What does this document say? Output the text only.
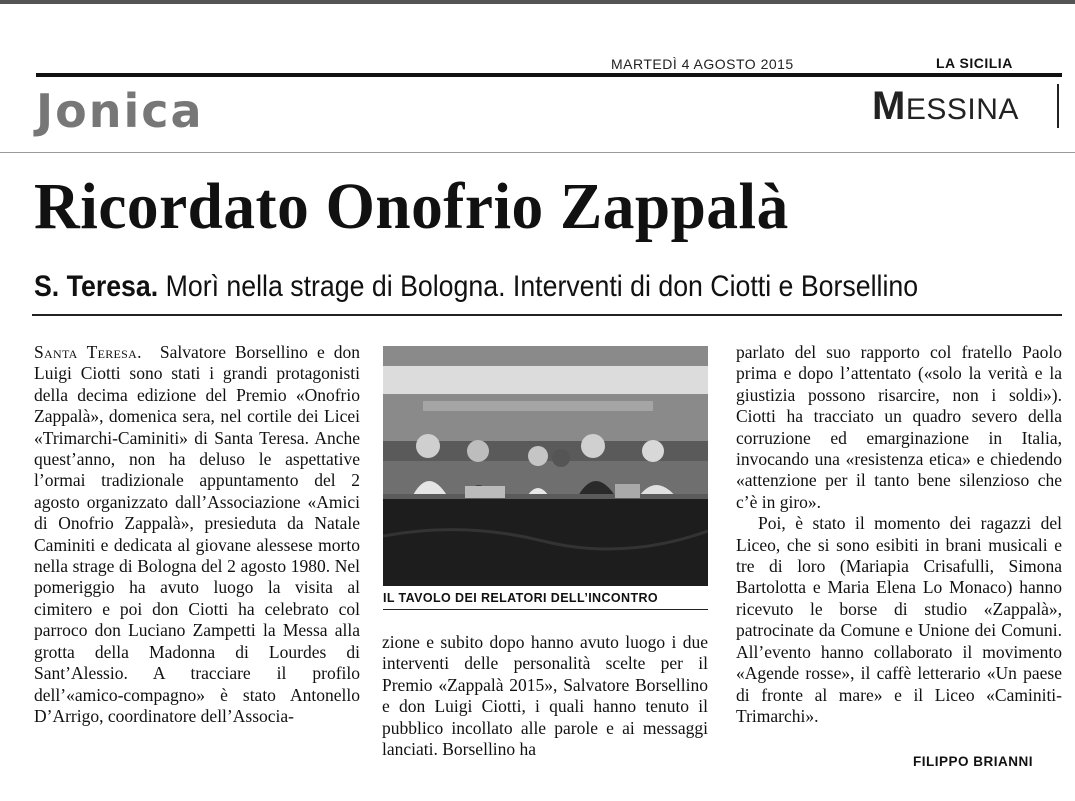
MARTEDÌ 4 AGOSTO 2015	LA SICILIA
Jonica	MESSINA
Ricordato Onofrio Zappalà
S. Teresa. Morì nella strage di Bologna. Interventi di don Ciotti e Borsellino

Santa Teresa. Salvatore Borsellino e don Luigi Ciotti sono stati i grandi protagonisti della decima edizione del Premio «Onofrio Zappalà», domenica sera, nel cortile dei Licei «Trimarchi-Caminiti» di Santa Teresa. Anche quest’anno, non ha deluso le aspettative l’ormai tradizionale appuntamento del 2 agosto organizzato dall’Associazione «Amici di Onofrio Zappalà», presieduta da Natale Caminiti e dedicata al giovane alessese morto nella strage di Bologna del 2 agosto 1980. Nel pomeriggio ha avuto luogo la visita al cimitero e poi don Ciotti ha celebrato col parroco don Luciano Zampetti la Messa alla grotta della Madonna di Lourdes di Sant’Alessio. A tracciare il profilo dell’«amico-compagno» è stato Antonello D’Arrigo, coordinatore dell’Associa-

IL TAVOLO DEI RELATORI DELL’INCONTRO

zione e subito dopo hanno avuto luogo i due interventi delle personalità scelte per il Premio «Zappalà 2015», Salvatore Borsellino e don Luigi Ciotti, i quali hanno tenuto il pubblico incollato alle parole e ai messaggi lanciati. Borsellino ha

parlato del suo rapporto col fratello Paolo prima e dopo l’attentato («solo la verità e la giustizia possono risarcire, non i soldi»). Ciotti ha tracciato un quadro severo della corruzione ed emarginazione in Italia, invocando una «resistenza etica» e chiedendo «attenzione per il tanto bene silenzioso che c’è in giro».

Poi, è stato il momento dei ragazzi del Liceo, che si sono esibiti in brani musicali e tre di loro (Mariapia Crisafulli, Simona Bartolotta e Maria Elena Lo Monaco) hanno ricevuto le borse di studio «Zappalà», patrocinate da Comune e Unione dei Comuni. All’evento hanno collaborato il movimento «Agende rosse», il caffè letterario «Un paese di fronte al mare» e il Liceo «Caminiti-Trimarchi».

FILIPPO BRIANNI
